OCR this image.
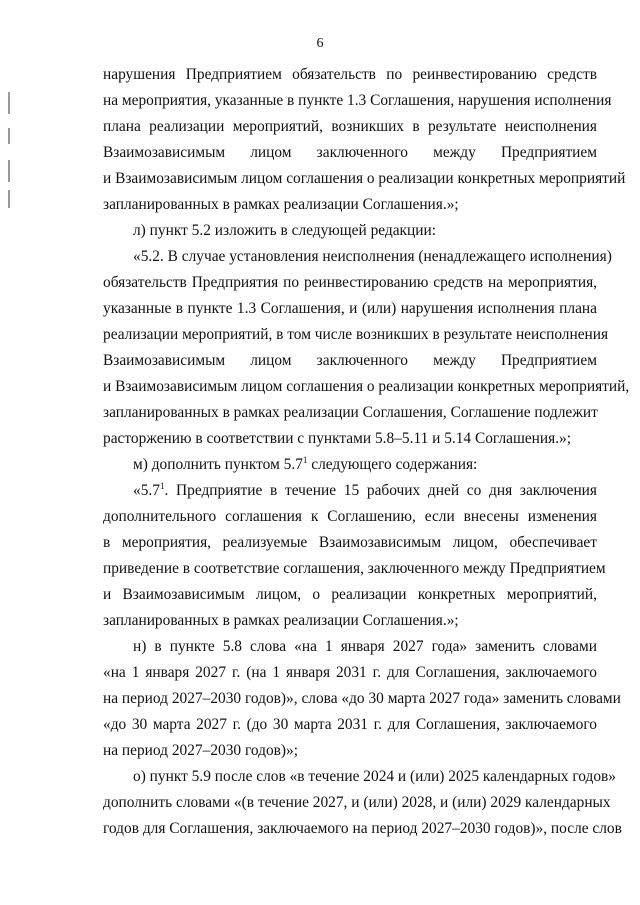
6
нарушения Предприятием обязательств по реинвестированию средств
на мероприятия, указанные в пункте 1.3 Соглашения, нарушения исполнения
плана реализации мероприятий, возникших в результате неисполнения
Взаимозависимым лицом заключенного между Предприятием
и Взаимозависимым лицом соглашения о реализации конкретных мероприятий
запланированных в рамках реализации Соглашения.»;
л) пункт 5.2 изложить в следующей редакции:
«5.2. В случае установления неисполнения (ненадлежащего исполнения)
обязательств Предприятия по реинвестированию средств на мероприятия,
указанные в пункте 1.3 Соглашения, и (или) нарушения исполнения плана
реализации мероприятий, в том числе возникших в результате неисполнения
Взаимозависимым лицом заключенного между Предприятием
и Взаимозависимым лицом соглашения о реализации конкретных мероприятий,
запланированных в рамках реализации Соглашения, Соглашение подлежит
расторжению в соответствии с пунктами 5.8–5.11 и 5.14 Соглашения.»;
м) дополнить пунктом $5.7^1$ следующего содержания:
«$5.7^1$. Предприятие в течение 15 рабочих дней со дня заключения
дополнительного соглашения к Соглашению, если внесены изменения
в мероприятия, реализуемые Взаимозависимым лицом, обеспечивает
приведение в соответствие соглашения, заключенного между Предприятием
и Взаимозависимым лицом, о реализации конкретных мероприятий,
запланированных в рамках реализации Соглашения.»;
н) в пункте 5.8 слова «на 1 января 2027 года» заменить словами
«на 1 января 2027 г. (на 1 января 2031 г. для Соглашения, заключаемого
на период 2027–2030 годов)», слова «до 30 марта 2027 года» заменить словами
«до 30 марта 2027 г. (до 30 марта 2031 г. для Соглашения, заключаемого
на период 2027–2030 годов)»;
о) пункт 5.9 после слов «в течение 2024 и (или) 2025 календарных годов»
дополнить словами «(в течение 2027, и (или) 2028, и (или) 2029 календарных
годов для Соглашения, заключаемого на период 2027–2030 годов)», после слов
